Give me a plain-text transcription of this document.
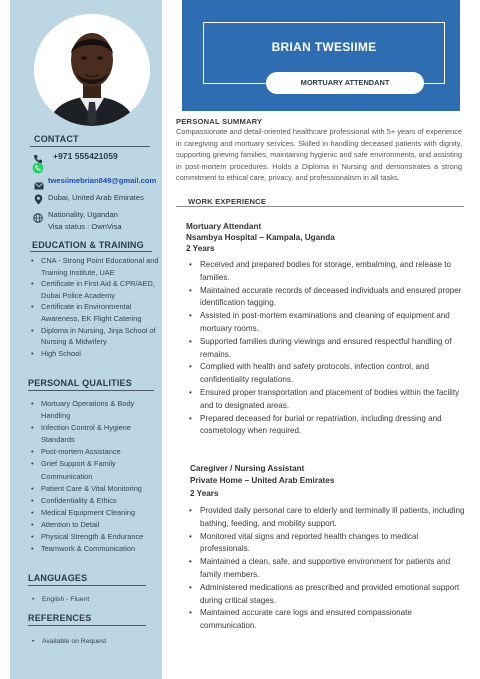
CONTACT
+971 555421059
twesiimebrian849@gmail.com
Dubai, United Arab Emirates
Nationality, Ugandan
Visa status : OwnVisa
EDUCATION & TRAINING
• CNA - Strong Point Educational and Training Institute, UAE
• Certificate in First Aid & CPR/AED, Dubai Police Academy
• Certificate in Environmental Awareness, EK Flight Catering
• Diploma in Nursing, Jinja School of Nursing & Midwifery
• High School
PERSONAL QUALITIES
• Mortuary Operations & Body Handling
• Infection Control & Hygiene Standards
• Post-mortem Assistance
• Grief Support & Family Communication
• Patient Care & Vital Monitoring
• Confidentiality & Ethics
• Medical Equipment Cleaning
• Attention to Detail
• Physical Strength & Endurance
• Teamwork & Communication
LANGUAGES
• English - Fluent
REFERENCES
• Available on Request
BRIAN TWESIIME
MORTUARY ATTENDANT
PERSONAL SUMMARY
Compassionate and detail-oriented healthcare professional with 5+ years of experience in caregiving and mortuary services. Skilled in handling deceased patients with dignity, supporting grieving families, maintaining hygienic and safe environments, and assisting in post-mortem procedures. Holds a Diploma in Nursing and demonstrates a strong commitment to ethical care, privacy, and professionalism in all tasks.
WORK EXPERIENCE
Mortuary Attendant
Nsambya Hospital – Kampala, Uganda
2 Years
• Received and prepared bodies for storage, embalming, and release to families.
• Maintained accurate records of deceased individuals and ensured proper identification tagging.
• Assisted in post-mortem examinations and cleaning of equipment and mortuary rooms.
• Supported families during viewings and ensured respectful handling of remains.
• Complied with health and safety protocols, infection control, and confidentiality regulations.
• Ensured proper transportation and placement of bodies within the facility and to designated areas.
• Prepared deceased for burial or repatriation, including dressing and cosmetology when required.
Caregiver / Nursing Assistant
Private Home – United Arab Emirates
2 Years
• Provided daily personal care to elderly and terminally ill patients, including bathing, feeding, and mobility support.
• Monitored vital signs and reported health changes to medical professionals.
• Maintained a clean, safe, and supportive environment for patients and family members.
• Administered medications as prescribed and provided emotional support during critical stages.
• Maintained accurate care logs and ensured compassionate communication.
